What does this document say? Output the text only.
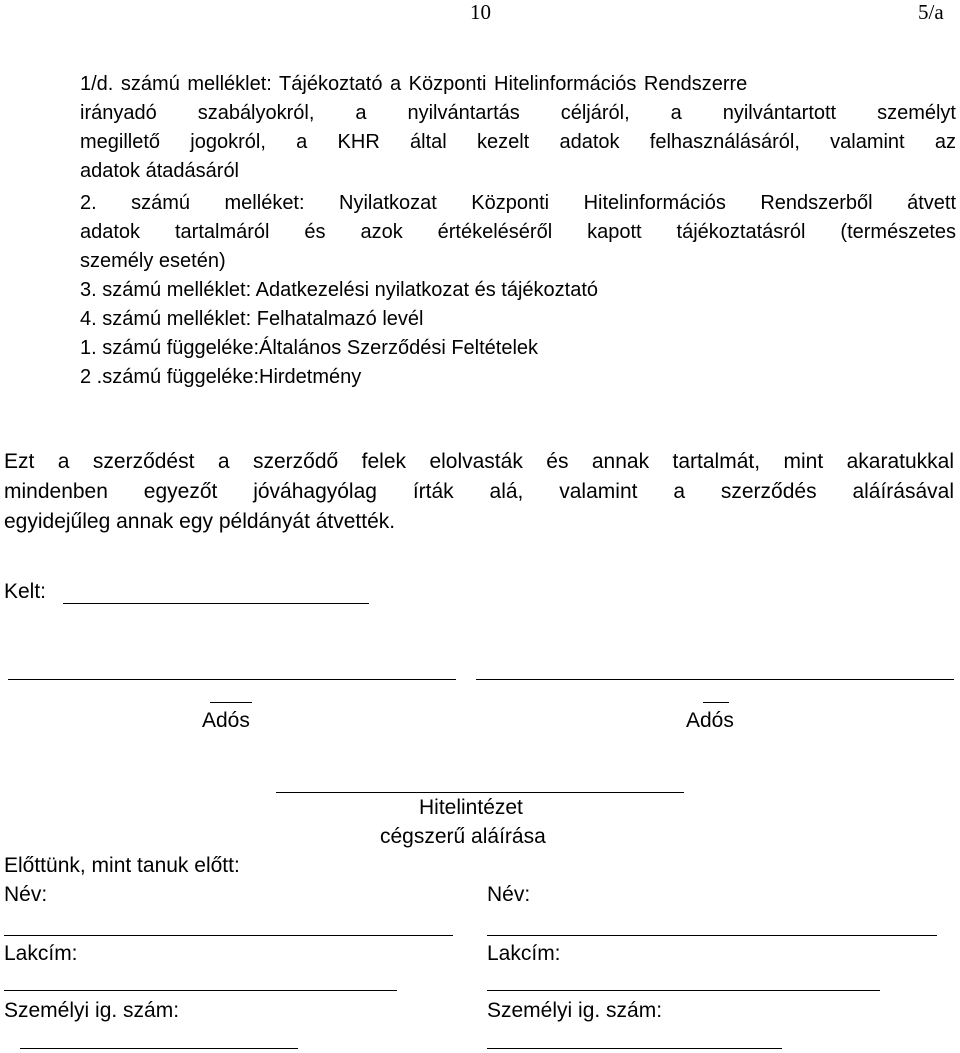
10	5/a
1/d. számú melléklet: Tájékoztató a Központi Hitelinformációs Rendszerre
irányadó szabályokról, a nyilvántartás céljáról, a nyilvántartott személyt
megillető jogokról, a KHR által kezelt adatok felhasználásáról, valamint az
adatok átadásáról
2. számú melléket: Nyilatkozat Központi Hitelinformációs Rendszerből átvett
adatok tartalmáról és azok értékeléséről kapott tájékoztatásról (természetes
személy esetén)
3. számú melléklet: Adatkezelési nyilatkozat és tájékoztató
4. számú melléklet: Felhatalmazó levél
1. számú függeléke:Általános Szerződési Feltételek
2 .számú függeléke:Hirdetmény
Ezt a szerződést a szerződő felek elolvasták és annak tartalmát, mint akaratukkal
mindenben egyezőt jóváhagyólag írták alá, valamint a szerződés aláírásával
egyidejűleg annak egy példányát átvették.
Kelt:
Adós	Adós
Hitelintézet
cégszerű aláírása
Előttünk, mint tanuk előtt:
Név:	Név:
Lakcím:	Lakcím:
Személyi ig. szám:	Személyi ig. szám:
